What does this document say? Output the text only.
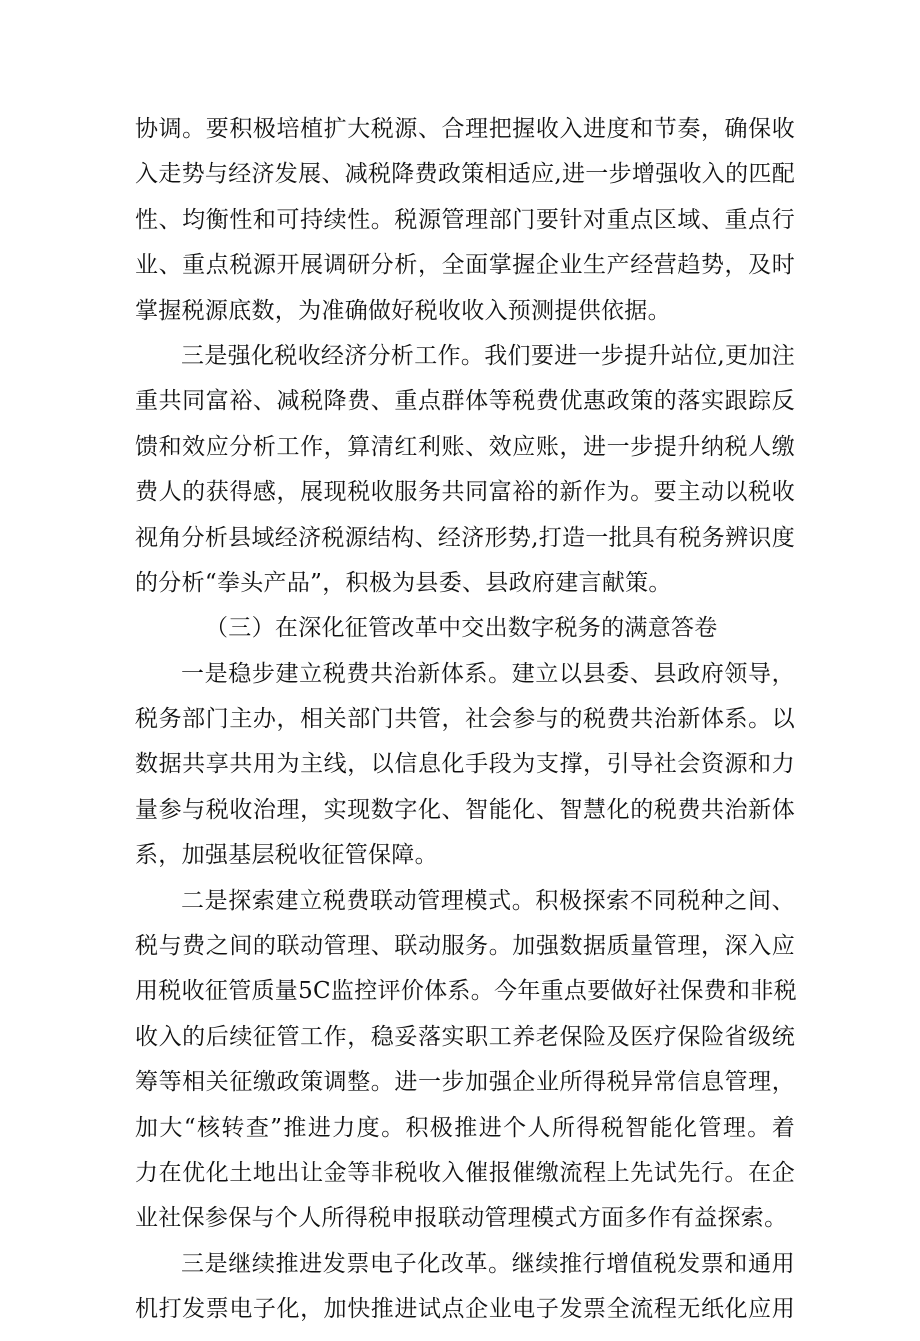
协调。要积极培植扩大税源、合理把握收入进度和节奏，确保收
入走势与经济发展、减税降费政策相适应,进一步增强收入的匹配
性、均衡性和可持续性。税源管理部门要针对重点区域、重点行
业、重点税源开展调研分析，全面掌握企业生产经营趋势，及时
掌握税源底数，为准确做好税收收入预测提供依据。
三是强化税收经济分析工作。我们要进一步提升站位,更加注
重共同富裕、减税降费、重点群体等税费优惠政策的落实跟踪反
馈和效应分析工作，算清红利账、效应账，进一步提升纳税人缴
费人的获得感，展现税收服务共同富裕的新作为。要主动以税收
视角分析县域经济税源结构、经济形势,打造一批具有税务辨识度
的分析“拳头产品”，积极为县委、县政府建言献策。
（三）在深化征管改革中交出数字税务的满意答卷
一是稳步建立税费共治新体系。建立以县委、县政府领导，
税务部门主办，相关部门共管，社会参与的税费共治新体系。以
数据共享共用为主线，以信息化手段为支撑，引导社会资源和力
量参与税收治理，实现数字化、智能化、智慧化的税费共治新体
系，加强基层税收征管保障。
二是探索建立税费联动管理模式。积极探索不同税种之间、
税与费之间的联动管理、联动服务。加强数据质量管理，深入应
用税收征管质量5C监控评价体系。今年重点要做好社保费和非税
收入的后续征管工作，稳妥落实职工养老保险及医疗保险省级统
筹等相关征缴政策调整。进一步加强企业所得税异常信息管理，
加大“核转查”推进力度。积极推进个人所得税智能化管理。着
力在优化土地出让金等非税收入催报催缴流程上先试先行。在企
业社保参保与个人所得税申报联动管理模式方面多作有益探索。
三是继续推进发票电子化改革。继续推行增值税发票和通用
机打发票电子化，加快推进试点企业电子发票全流程无纸化应用
